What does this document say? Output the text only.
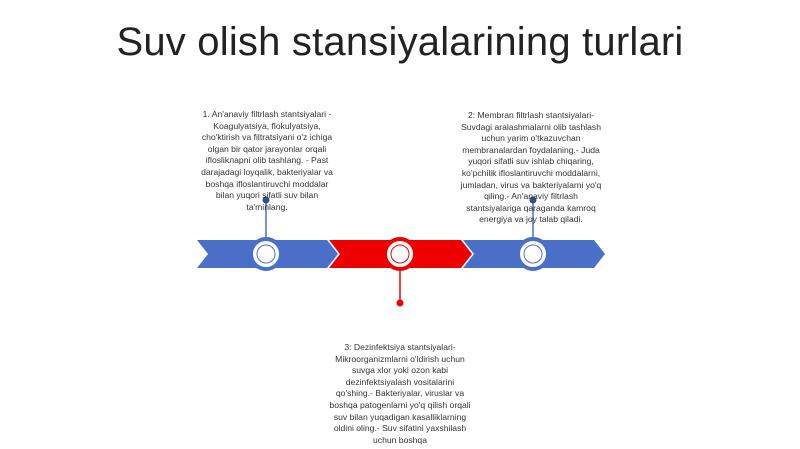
Suv olish stansiyalarining turlari
1. An'anaviy filtrlash stantsiyalari - Koagulyatsiya, flokulyatsiya, cho'ktirish va filtratsiyani o'z ichiga olgan bir qator jarayonlar orqali ifloslikларni olib tashlang. - Past darajadagi loyqalik, bakteriyalar va boshqa ifloslantiruvchi moddalar bilan yuqori sifatli suv bilan ta'minlang.
2: Membran filtrlash stantsiyalari- Suvdagi aralashmalarni olib tashlash uchun yarim o'tkazuvchan membranalardan foydalaning.- Juda yuqori sifatli suv ishlab chiqaring, ko'pchilik ifloslantiruvchi moddalarni, jumladan, virus va bakteriyalarni yo'q qiling.- An'anaviy filtrlash stantsiyalariga qaraganda kamroq energiya va joy talab qiladi.
3: Dezinfektsiya stantsiyalari- Mikroorganizmlarni o'ldirish uchun suvga xlor yoki ozon kabi dezinfektsiyalash vositalarini qo'shing.- Bakteriyalar, viruslar va boshqa patogenlarni yo'q qilish orqali suv bilan yuqadigan kasalliklarning oldini oling.- Suv sifatini yaxshilash uchun boshqa
